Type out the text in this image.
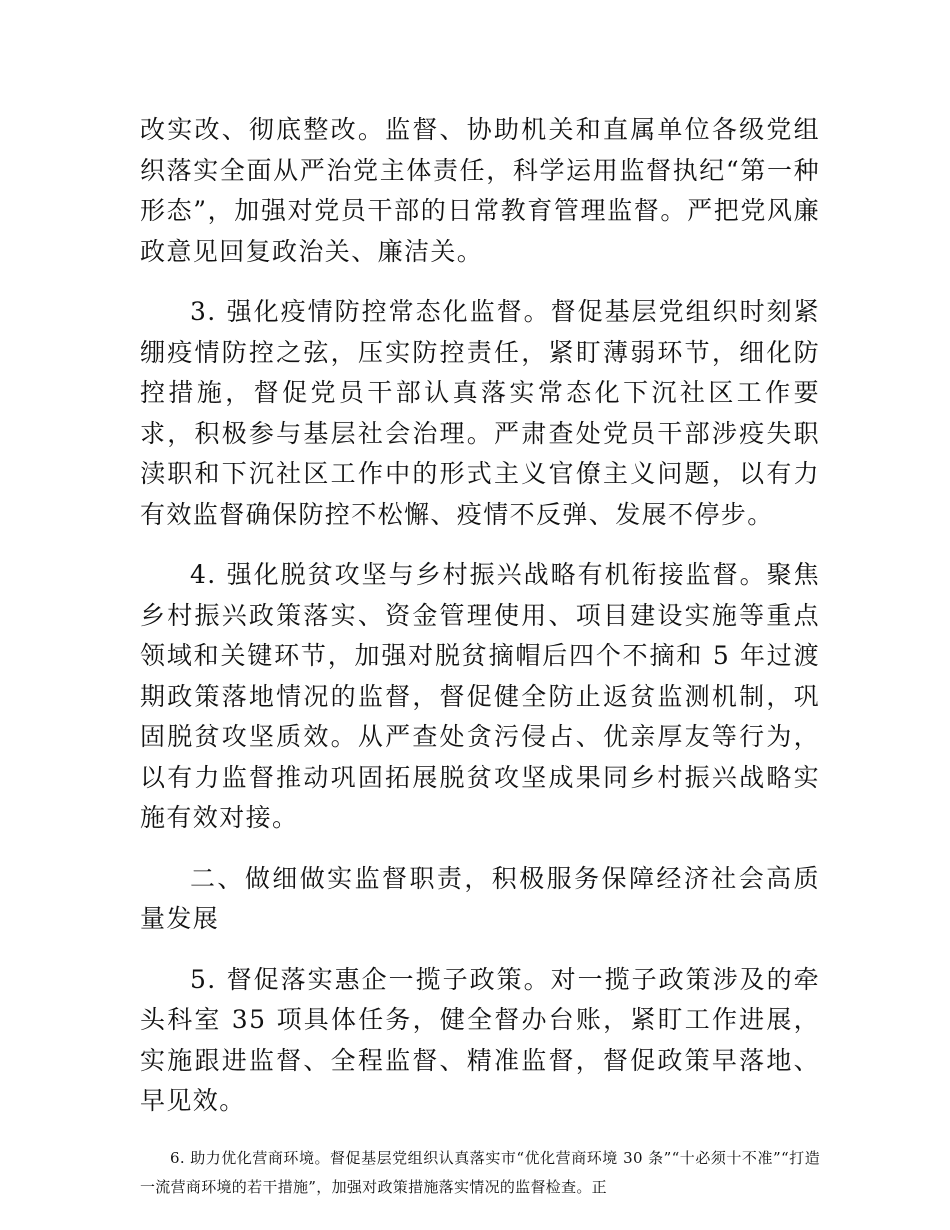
改实改、彻底整改。监督、协助机关和直属单位各级党组织落实全面从严治党主体责任，科学运用监督执纪“第一种形态”，加强对党员干部的日常教育管理监督。严把党风廉政意见回复政治关、廉洁关。

3. 强化疫情防控常态化监督。督促基层党组织时刻紧绷疫情防控之弦，压实防控责任，紧盯薄弱环节，细化防控措施，督促党员干部认真落实常态化下沉社区工作要求，积极参与基层社会治理。严肃查处党员干部涉疫失职渎职和下沉社区工作中的形式主义官僚主义问题，以有力有效监督确保防控不松懈、疫情不反弹、发展不停步。

4. 强化脱贫攻坚与乡村振兴战略有机衔接监督。聚焦乡村振兴政策落实、资金管理使用、项目建设实施等重点领域和关键环节，加强对脱贫摘帽后四个不摘和 5 年过渡期政策落地情况的监督，督促健全防止返贫监测机制，巩固脱贫攻坚质效。从严查处贪污侵占、优亲厚友等行为，以有力监督推动巩固拓展脱贫攻坚成果同乡村振兴战略实施有效对接。

二、做细做实监督职责，积极服务保障经济社会高质量发展

5. 督促落实惠企一揽子政策。对一揽子政策涉及的牵头科室 35 项具体任务，健全督办台账，紧盯工作进展，实施跟进监督、全程监督、精准监督，督促政策早落地、早见效。

6. 助力优化营商环境。督促基层党组织认真落实市“优化营商环境 30 条”“十必须十不准”“打造一流营商环境的若干措施”，加强对政策措施落实情况的监督检查。正
